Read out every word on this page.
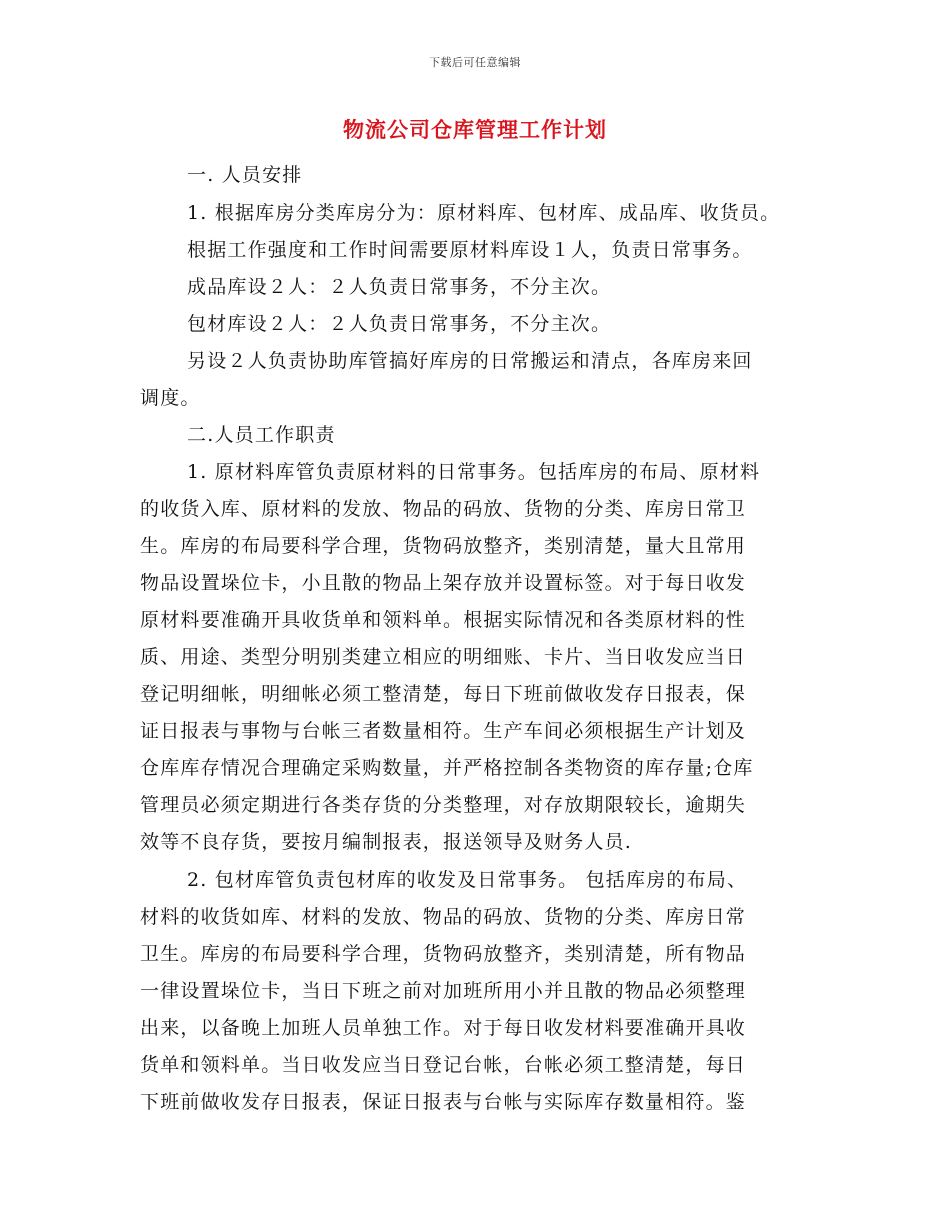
下载后可任意编辑
物流公司仓库管理工作计划
一. 人员安排
1. 根据库房分类库房分为：原材料库、包材库、成品库、收货员。
根据工作强度和工作时间需要原材料库设１人，负责日常事务。
成品库设２人：２人负责日常事务，不分主次。
包材库设２人：２人负责日常事务，不分主次。
另设２人负责协助库管搞好库房的日常搬运和清点，各库房来回
调度。
二.人员工作职责
1. 原材料库管负责原材料的日常事务。包括库房的布局、原材料
的收货入库、原材料的发放、物品的码放、货物的分类、库房日常卫
生。库房的布局要科学合理，货物码放整齐，类别清楚，量大且常用
物品设置垛位卡，小且散的物品上架存放并设置标签。对于每日收发
原材料要准确开具收货单和领料单。根据实际情况和各类原材料的性
质、用途、类型分明别类建立相应的明细账、卡片、当日收发应当日
登记明细帐，明细帐必须工整清楚，每日下班前做收发存日报表，保
证日报表与事物与台帐三者数量相符。生产车间必须根据生产计划及
仓库库存情况合理确定采购数量，并严格控制各类物资的库存量;仓库
管理员必须定期进行各类存货的分类整理，对存放期限较长，逾期失
效等不良存货，要按月编制报表，报送领导及财务人员.
2. 包材库管负责包材库的收发及日常事务。 包括库房的布局、
材料的收货如库、材料的发放、物品的码放、货物的分类、库房日常
卫生。库房的布局要科学合理，货物码放整齐，类别清楚，所有物品
一律设置垛位卡，当日下班之前对加班所用小并且散的物品必须整理
出来，以备晚上加班人员单独工作。对于每日收发材料要准确开具收
货单和领料单。当日收发应当日登记台帐，台帐必须工整清楚，每日
下班前做收发存日报表，保证日报表与台帐与实际库存数量相符。鉴
